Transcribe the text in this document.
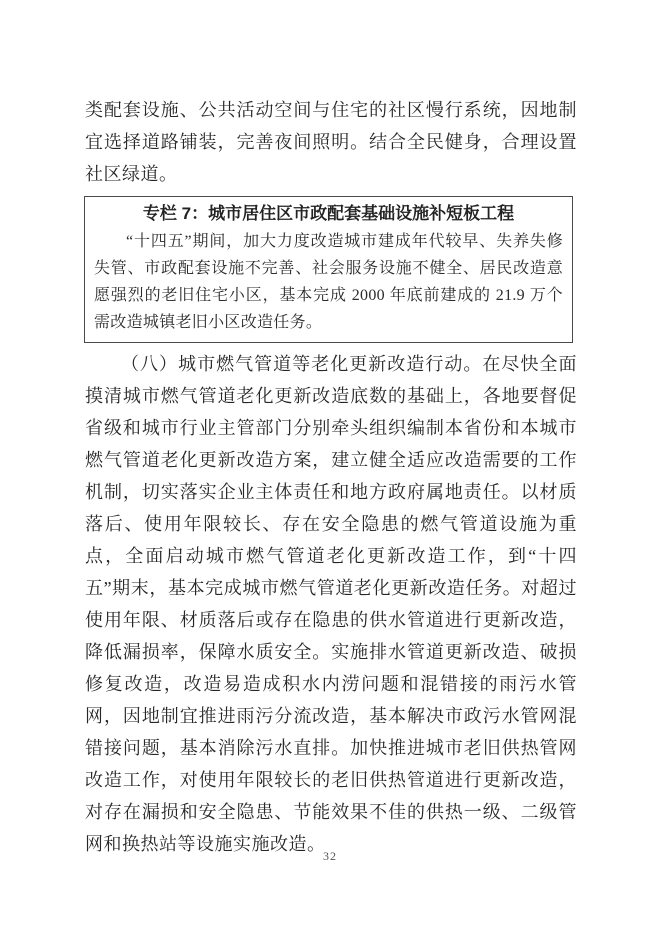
类配套设施、公共活动空间与住宅的社区慢行系统，因地制宜选择道路铺装，完善夜间照明。结合全民健身，合理设置社区绿道。

专栏 7：城市居住区市政配套基础设施补短板工程

“十四五”期间，加大力度改造城市建成年代较早、失养失修失管、市政配套设施不完善、社会服务设施不健全、居民改造意愿强烈的老旧住宅小区，基本完成 2000 年底前建成的 21.9 万个需改造城镇老旧小区改造任务。

（八）城市燃气管道等老化更新改造行动。在尽快全面摸清城市燃气管道老化更新改造底数的基础上，各地要督促省级和城市行业主管部门分别牵头组织编制本省份和本城市燃气管道老化更新改造方案，建立健全适应改造需要的工作机制，切实落实企业主体责任和地方政府属地责任。以材质落后、使用年限较长、存在安全隐患的燃气管道设施为重点，全面启动城市燃气管道老化更新改造工作，到“十四五”期末，基本完成城市燃气管道老化更新改造任务。对超过使用年限、材质落后或存在隐患的供水管道进行更新改造，降低漏损率，保障水质安全。实施排水管道更新改造、破损修复改造，改造易造成积水内涝问题和混错接的雨污水管网，因地制宜推进雨污分流改造，基本解决市政污水管网混错接问题，基本消除污水直排。加快推进城市老旧供热管网改造工作，对使用年限较长的老旧供热管道进行更新改造，对存在漏损和安全隐患、节能效果不佳的供热一级、二级管网和换热站等设施实施改造。

32
